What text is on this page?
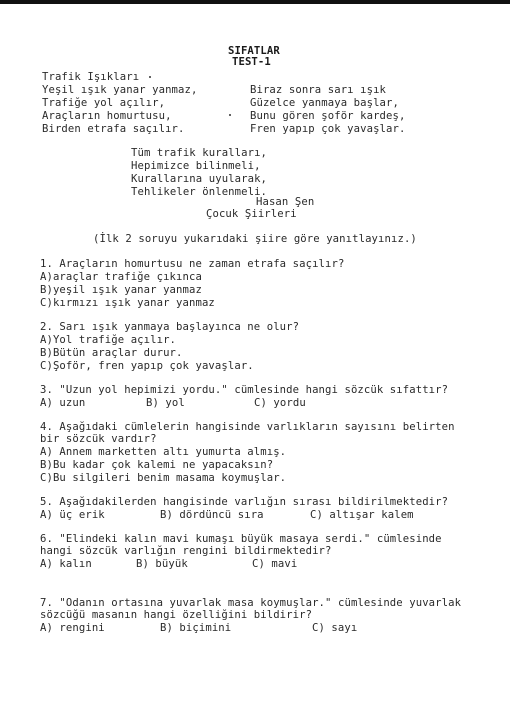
SIFATLAR
TEST-1
Trafik Işıkları
Yeşil ışık yanar yanmaz,
Trafiğe yol açılır,
Araçların homurtusu,
Birden etrafa saçılır.
Biraz sonra sarı ışık
Güzelce yanmaya başlar,
Bunu gören şoför kardeş,
Fren yapıp çok yavaşlar.
Tüm trafik kuralları,
Hepimizce bilinmeli,
Kurallarına uyularak,
Tehlikeler önlenmeli.
Hasan Şen
Çocuk Şiirleri
(İlk 2 soruyu yukarıdaki şiire göre yanıtlayınız.)
1. Araçların homurtusu ne zaman etrafa saçılır?
A)araçlar trafiğe çıkınca
B)yeşil ışık yanar yanmaz
C)kırmızı ışık yanar yanmaz
2. Sarı ışık yanmaya başlayınca ne olur?
A)Yol trafiğe açılır.
B)Bütün araçlar durur.
C)Şoför, fren yapıp çok yavaşlar.
3. "Uzun yol hepimizi yordu." cümlesinde hangi sözcük sıfattır?
A) uzun	B) yol	C) yordu
4. Aşağıdaki cümlelerin hangisinde varlıkların sayısını belirten
bir sözcük vardır?
A) Annem marketten altı yumurta almış.
B)Bu kadar çok kalemi ne yapacaksın?
C)Bu silgileri benim masama koymuşlar.
5. Aşağıdakilerden hangisinde varlığın sırası bildirilmektedir?
A) üç erik	B) dördüncü sıra	C) altışar kalem
6. "Elindeki kalın mavi kumaşı büyük masaya serdi." cümlesinde
hangi sözcük varlığın rengini bildirmektedir?
A) kalın	B) büyük	C) mavi
7. "Odanın ortasına yuvarlak masa koymuşlar." cümlesinde yuvarlak
sözcüğü masanın hangi özelliğini bildirir?
A) rengini	B) biçimini	C) sayı
